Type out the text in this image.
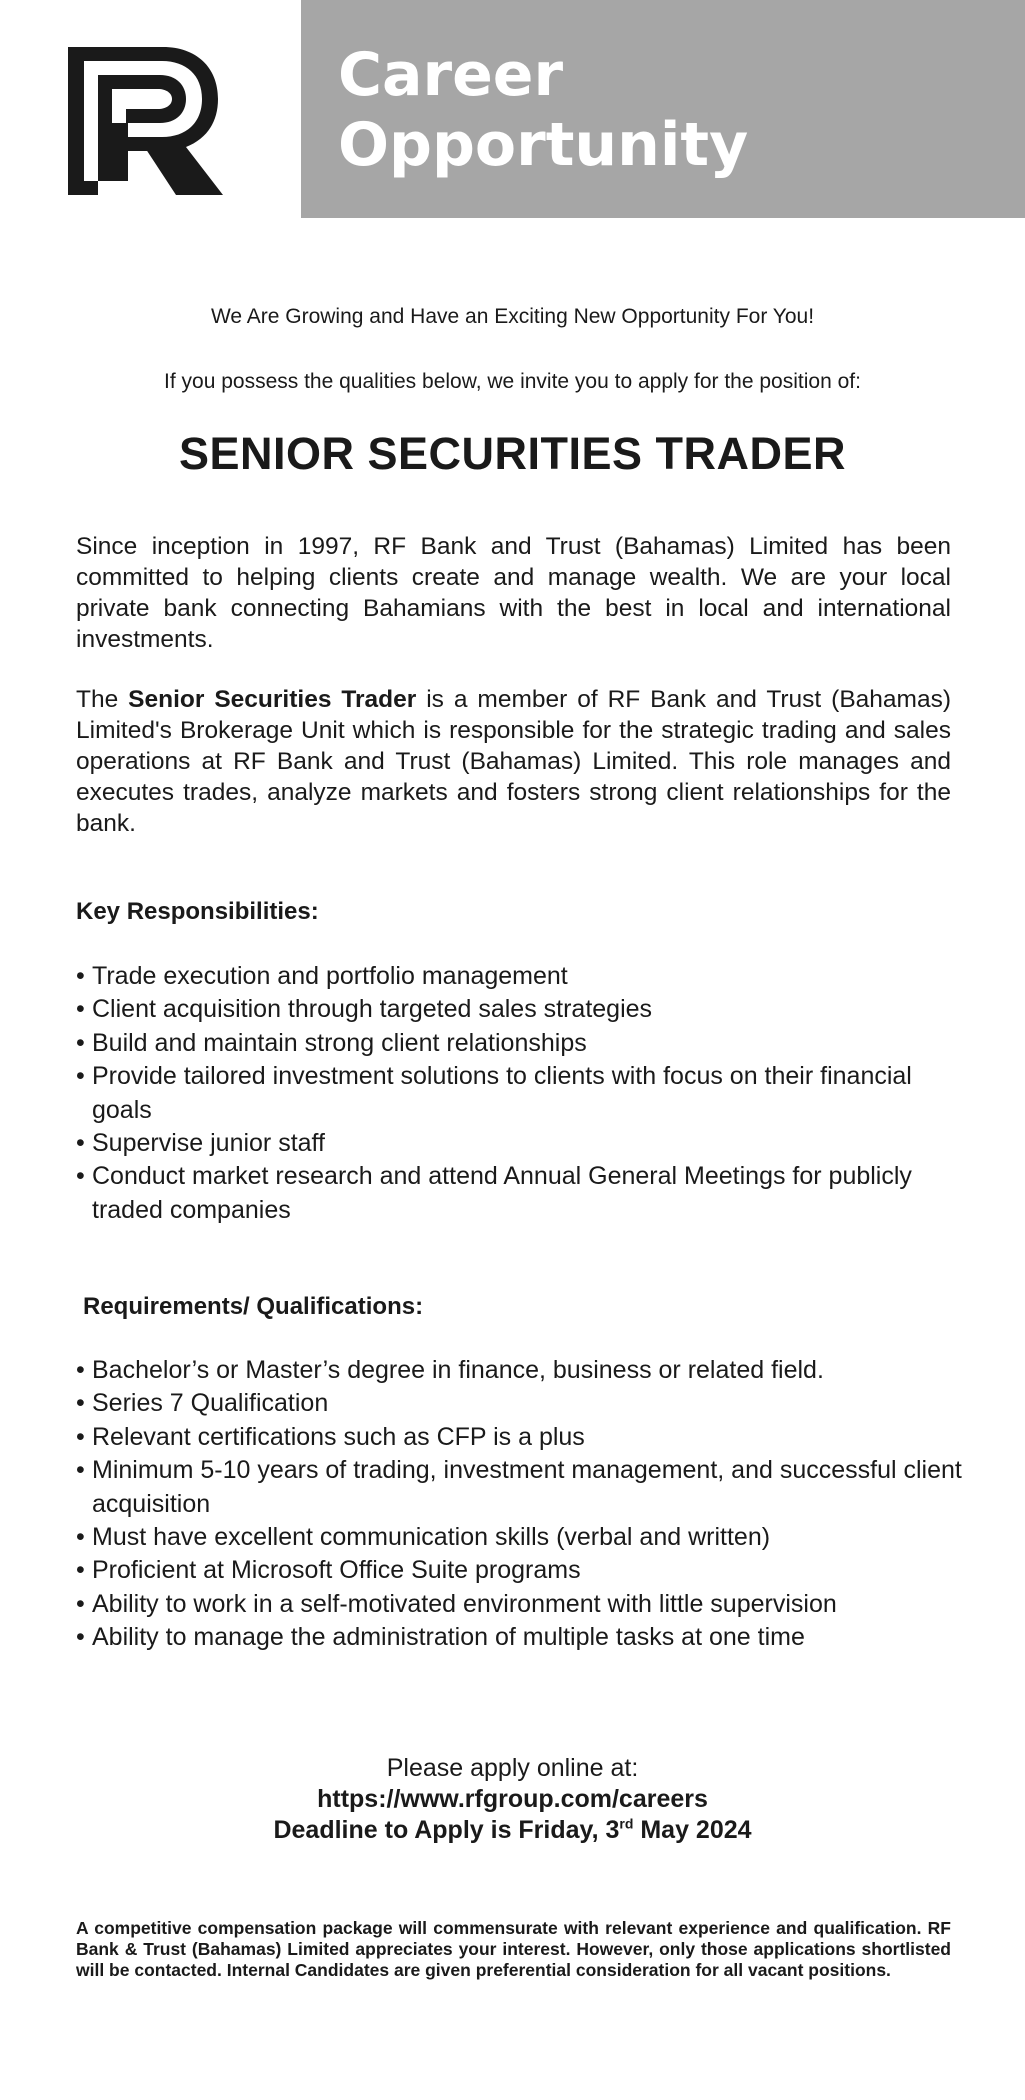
Career
Opportunity

We Are Growing and Have an Exciting New Opportunity For You!

If you possess the qualities below, we invite you to apply for the position of:

SENIOR SECURITIES TRADER

Since inception in 1997, RF Bank and Trust (Bahamas) Limited has been committed to helping clients create and manage wealth. We are your local private bank connecting Bahamians with the best in local and international investments.

The Senior Securities Trader is a member of RF Bank and Trust (Bahamas) Limited's Brokerage Unit which is responsible for the strategic trading and sales operations at RF Bank and Trust (Bahamas) Limited. This role manages and executes trades, analyze markets and fosters strong client relationships for the bank.

Key Responsibilities:
• Trade execution and portfolio management
• Client acquisition through targeted sales strategies
• Build and maintain strong client relationships
• Provide tailored investment solutions to clients with focus on their financial goals
• Supervise junior staff
• Conduct market research and attend Annual General Meetings for publicly traded companies
Requirements/ Qualifications:
• Bachelor’s or Master’s degree in finance, business or related field.
• Series 7 Qualification
• Relevant certifications such as CFP is a plus
• Minimum 5-10 years of trading, investment management, and successful client acquisition
• Must have excellent communication skills (verbal and written)
• Proficient at Microsoft Office Suite programs
• Ability to work in a self-motivated environment with little supervision
• Ability to manage the administration of multiple tasks at one time
Please apply online at:
https://www.rfgroup.com/careers
Deadline to Apply is Friday, 3rd May 2024

A competitive compensation package will commensurate with relevant experience and qualification. RF Bank & Trust (Bahamas) Limited appreciates your interest. However, only those applications shortlisted will be contacted. Internal Candidates are given preferential consideration for all vacant positions.
